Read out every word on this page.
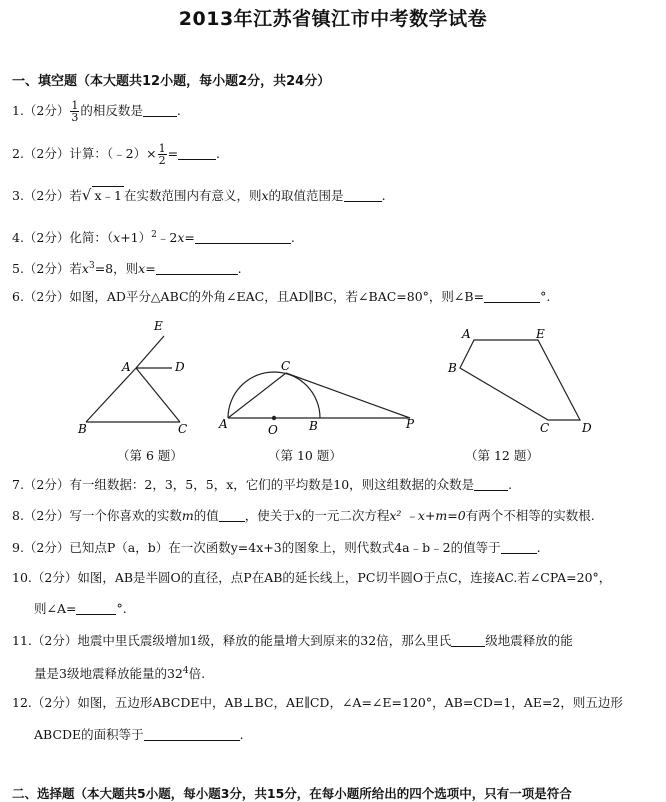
2013年江苏省镇江市中考数学试卷
一、填空题（本大题共12小题，每小题2分，共24分）
1.（2分） $\frac{1}{3}$ 的相反数是	.
2.（2分）计算：（﹣2）× $\frac{1}{2}$ =	.
3.（2分）若√ x﹣1 在实数范围内有意义，则x的取值范围是	.
4.（2分）化简：$(x+1)^2﹣2x=$	.
5.（2分）若$x^3=8$，则x=	.
6.（2分）如图，AD平分△ABC的外角∠EAC，且AD∥BC，若∠BAC=80°，则∠B=	°.
E
A	D
B	C
（第 6 题）
C
A	O	B	P
（第 10 题）
A	E
B
C	D
（第 12 题）
7.（2分）有一组数据：2，3，5，5，x，它们的平均数是10，则这组数据的众数是	.
8.（2分）写一个你喜欢的实数m的值 ，使关于x的一元二次方程x² ﹣x+m=0有两个不相等的实数根.
9.（2分）已知点P（a，b）在一次函数y=4x+3的图象上，则代数式4a﹣b﹣2的值等于	.
10.（2分）如图，AB是半圆O的直径，点P在AB的延长线上，PC切半圆O于点C，连接AC.若∠CPA=20°，
则∠A=	°.
11.（2分）地震中里氏震级增加1级，释放的能量增大到原来的32倍，那么里氏	级地震释放的能
量是3级地震释放能量的$32^4$倍.
12.（2分）如图，五边形ABCDE中，AB⊥BC，AE∥CD，∠A=∠E=120°，AB=CD=1，AE=2，则五边形
ABCDE的面积等于	.
二、选择题（本大题共5小题，每小题3分，共15分，在每小题所给出的四个选项中，只有一项是符合
